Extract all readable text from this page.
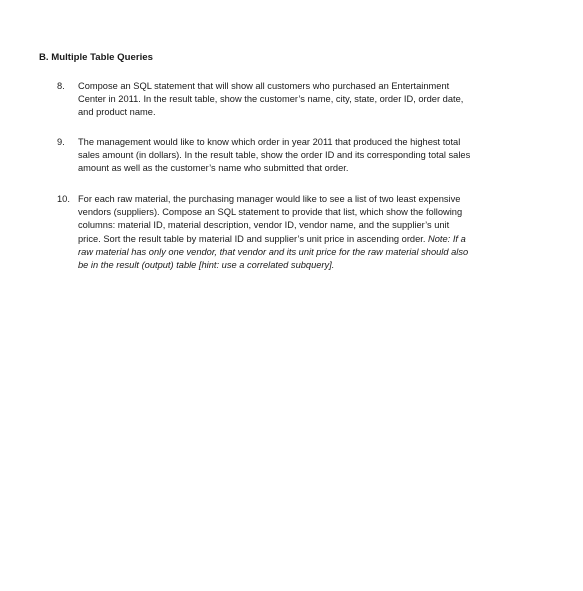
B. Multiple Table Queries
8. Compose an SQL statement that will show all customers who purchased an Entertainment

Center in 2011. In the result table, show the customer’s name, city, state, order ID, order date,

and product name.

9. The management would like to know which order in year 2011 that produced the highest total

sales amount (in dollars). In the result table, show the order ID and its corresponding total sales

amount as well as the customer’s name who submitted that order.

10. For each raw material, the purchasing manager would like to see a list of two least expensive

vendors (suppliers). Compose an SQL statement to provide that list, which show the following

columns: material ID, material description, vendor ID, vendor name, and the supplier’s unit

price. Sort the result table by material ID and supplier’s unit price in ascending order. Note: If a

raw material has only one vendor, that vendor and its unit price for the raw material should also

be in the result (output) table [hint: use a correlated subquery].
